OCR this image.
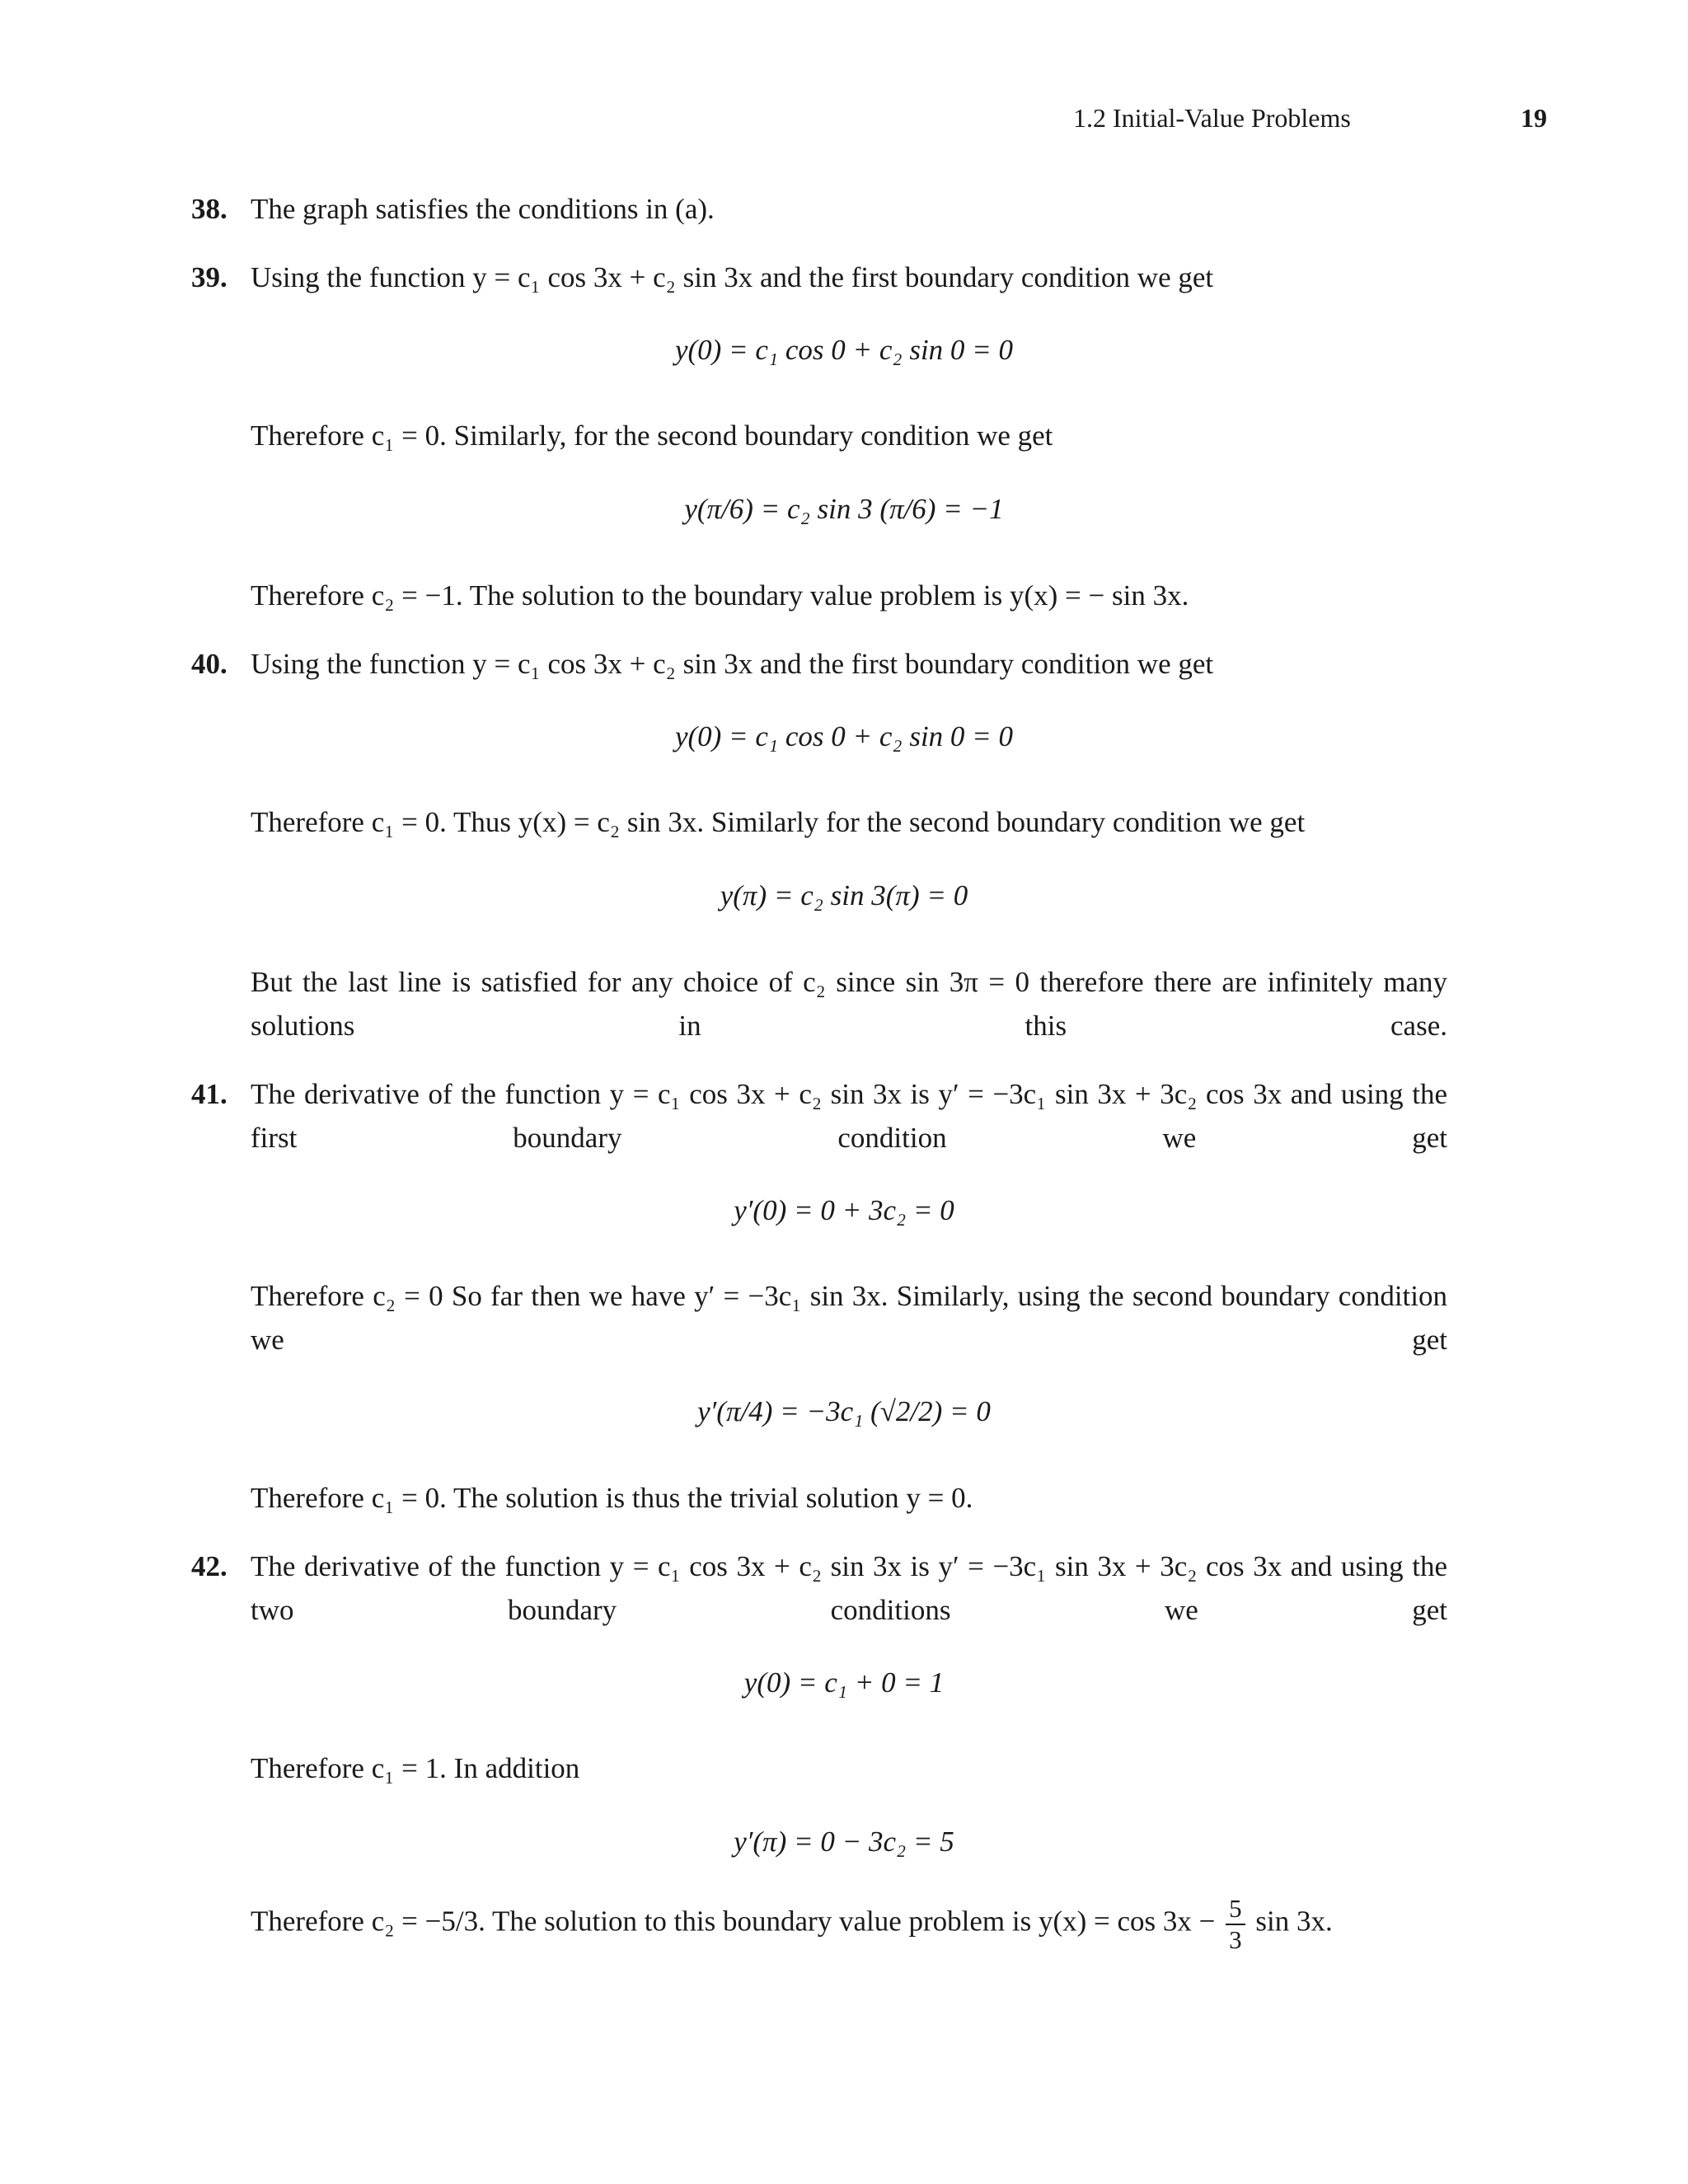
1.2 Initial-Value Problems	19
38. The graph satisfies the conditions in (a).
39. Using the function y = c₁ cos 3x + c₂ sin 3x and the first boundary condition we get
y(0) = c₁ cos 0 + c₂ sin 0 = 0
Therefore c₁ = 0. Similarly, for the second boundary condition we get
y(π/6) = c₂ sin 3 (π/6) = −1
Therefore c₂ = −1. The solution to the boundary value problem is y(x) = − sin 3x.
40. Using the function y = c₁ cos 3x + c₂ sin 3x and the first boundary condition we get
y(0) = c₁ cos 0 + c₂ sin 0 = 0
Therefore c₁ = 0. Thus y(x) = c₂ sin 3x. Similarly for the second boundary condition we get
y(π) = c₂ sin 3(π) = 0
But the last line is satisfied for any choice of c₂ since sin 3π = 0 therefore there are infinitely many solutions in this case.
41. The derivative of the function y = c₁ cos 3x + c₂ sin 3x is y′ = −3c₁ sin 3x + 3c₂ cos 3x and using the first boundary condition we get
y′(0) = 0 + 3c₂ = 0
Therefore c₂ = 0 So far then we have y′ = −3c₁ sin 3x. Similarly, using the second boundary condition we get
y′(π/4) = −3c₁ (√2/2) = 0
Therefore c₁ = 0. The solution is thus the trivial solution y = 0.
42. The derivative of the function y = c₁ cos 3x + c₂ sin 3x is y′ = −3c₁ sin 3x + 3c₂ cos 3x and using the two boundary conditions we get
y(0) = c₁ + 0 = 1
Therefore c₁ = 1. In addition
y′(π) = 0 − 3c₂ = 5
Therefore c₂ = −5/3. The solution to this boundary value problem is $y(x) = \cos 3x - \frac{5}{3}$ sin 3x.
